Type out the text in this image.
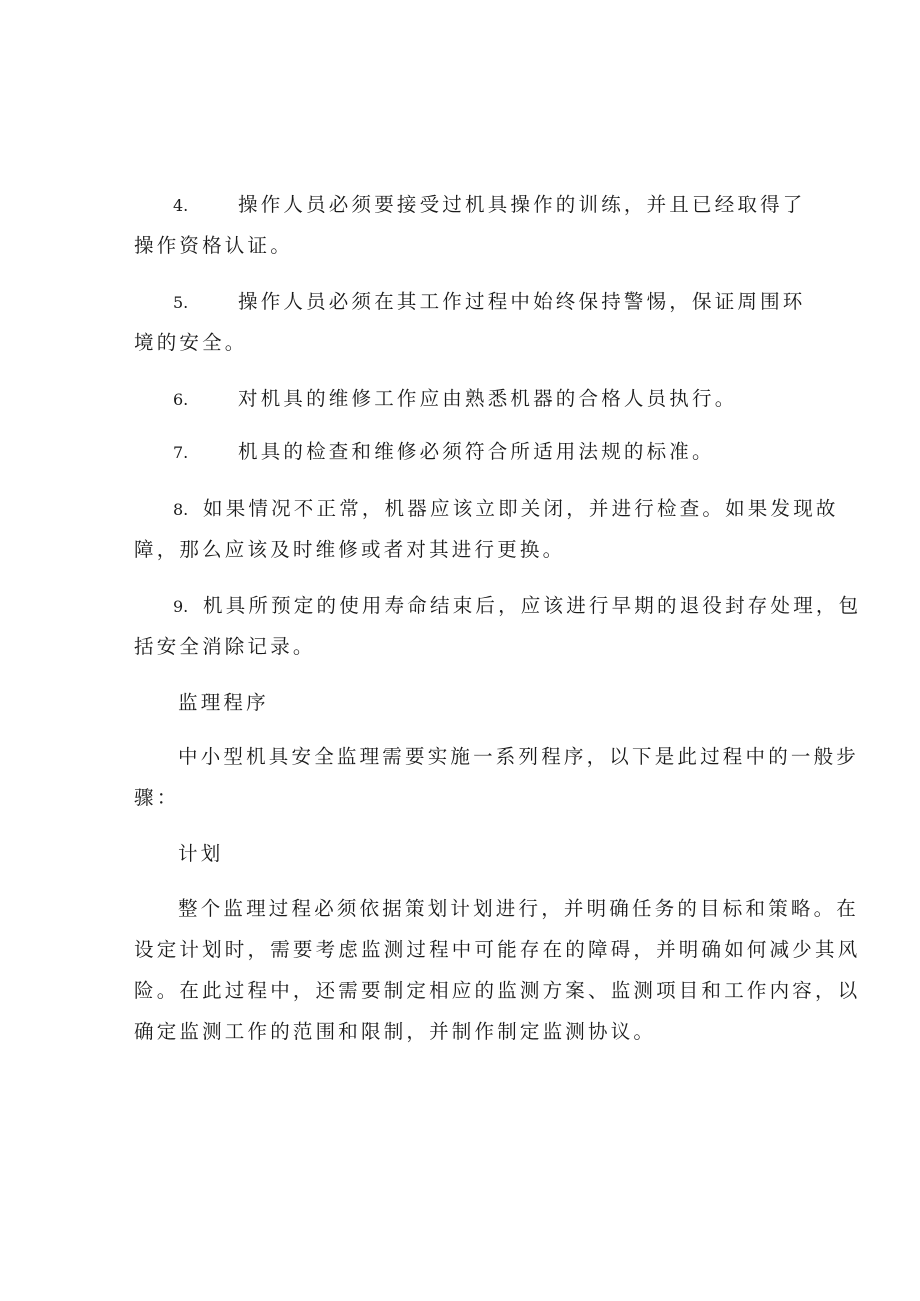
4.	操作人员必须要接受过机具操作的训练，并且已经取得了
操作资格认证。
5.	操作人员必须在其工作过程中始终保持警惕，保证周围环
境的安全。
6.	对机具的维修工作应由熟悉机器的合格人员执行。
7.	机具的检查和维修必须符合所适用法规的标准。
8. 如果情况不正常，机器应该立即关闭，并进行检查。如果发现故
障，那么应该及时维修或者对其进行更换。
9. 机具所预定的使用寿命结束后，应该进行早期的退役封存处理，包
括安全消除记录。
监理程序
中小型机具安全监理需要实施一系列程序，以下是此过程中的一般步
骤：
计划
整个监理过程必须依据策划计划进行，并明确任务的目标和策略。在
设定计划时，需要考虑监测过程中可能存在的障碍，并明确如何减少其风
险。在此过程中，还需要制定相应的监测方案、监测项目和工作内容，以
确定监测工作的范围和限制，并制作制定监测协议。
